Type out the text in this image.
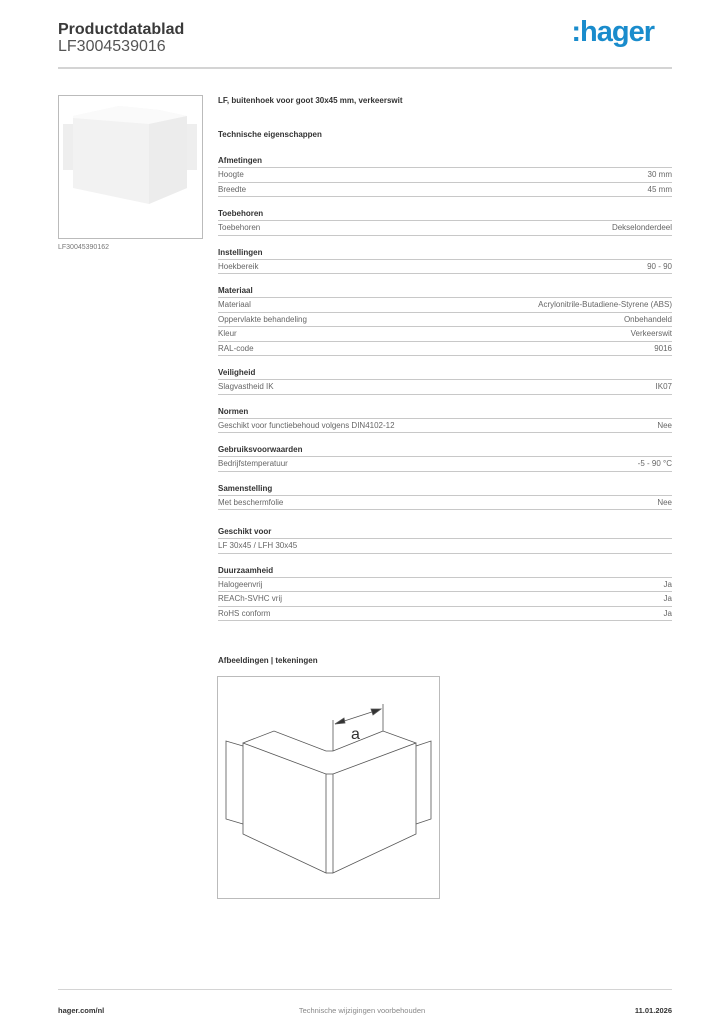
Productdatablad
LF3004539016	:hager
LF30045390162
LF, buitenhoek voor goot 30x45 mm, verkeerswit
Technische eigenschappen
Afmetingen
Hoogte	30 mm
Breedte	45 mm
Toebehoren
Toebehoren	Dekselonderdeel
Instellingen
Hoekbereik	90 - 90
Materiaal
Materiaal	Acrylonitrile-Butadiene-Styrene (ABS)
Oppervlakte behandeling	Onbehandeld
Kleur	Verkeerswit
RAL-code	9016
Veiligheid
Slagvastheid IK	IK07
Normen
Geschikt voor functiebehoud volgens DIN4102-12	Nee
Gebruiksvoorwaarden
Bedrijfstemperatuur	-5 - 90 °C
Samenstelling
Met beschermfolie	Nee
Geschikt voor
LF 30x45 / LFH 30x45
Duurzaamheid
Halogeenvrij	Ja
REACh-SVHC vrij	Ja
RoHS conform	Ja
Afbeeldingen | tekeningen
a
hager.com/nl	Technische wijzigingen voorbehouden	11.01.2026
